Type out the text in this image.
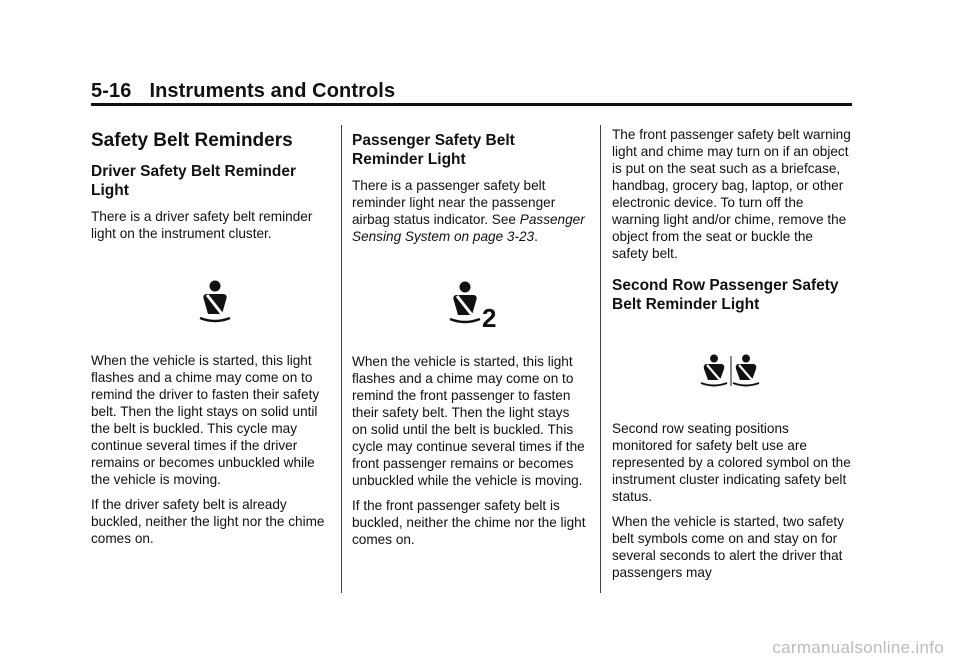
5-16 Instruments and Controls
Safety Belt Reminders
Driver Safety Belt Reminder Light

There is a driver safety belt reminder light on the instrument cluster.

When the vehicle is started, this light flashes and a chime may come on to remind the driver to fasten their safety belt. Then the light stays on solid until the belt is buckled. This cycle may continue several times if the driver remains or becomes unbuckled while the vehicle is moving.

If the driver safety belt is already buckled, neither the light nor the chime comes on.

Passenger Safety Belt Reminder Light

There is a passenger safety belt reminder light near the passenger airbag status indicator. See Passenger Sensing System on page 3-23.

2

When the vehicle is started, this light flashes and a chime may come on to remind the front passenger to fasten their safety belt. Then the light stays on solid until the belt is buckled. This cycle may continue several times if the front passenger remains or becomes unbuckled while the vehicle is moving.

If the front passenger safety belt is buckled, neither the chime nor the light comes on.

The front passenger safety belt warning light and chime may turn on if an object is put on the seat such as a briefcase, handbag, grocery bag, laptop, or other electronic device. To turn off the warning light and/or chime, remove the object from the seat or buckle the safety belt.

Second Row Passenger Safety Belt Reminder Light

Second row seating positions monitored for safety belt use are represented by a colored symbol on the instrument cluster indicating safety belt status.

When the vehicle is started, two safety belt symbols come on and stay on for several seconds to alert the driver that passengers may

carmanualsonline.info
